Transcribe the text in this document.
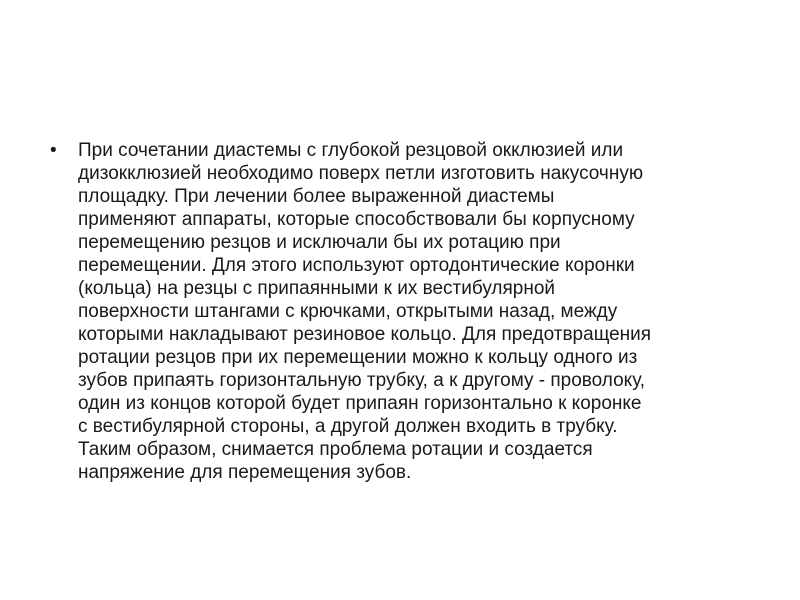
•	При сочетании диастемы с глубокой резцовой окклюзией или
дизокклюзией необходимо поверх петли изготовить накусочную
площадку. При лечении более выраженной диастемы
применяют аппараты, которые способствовали бы корпусному
перемещению резцов и исключали бы их ротацию при
перемещении. Для этого используют ортодонтические коронки
(кольца) на резцы с припаянными к их вестибулярной
поверхности штангами с крючками, открытыми назад, между
которыми накладывают резиновое кольцо. Для предотвращения
ротации резцов при их перемещении можно к кольцу одного из
зубов припаять горизонтальную трубку, а к другому - проволоку,
один из концов которой будет припаян горизонтально к коронке
с вестибулярной стороны, а другой должен входить в трубку.
Таким образом, снимается проблема ротации и создается
напряжение для перемещения зубов.
